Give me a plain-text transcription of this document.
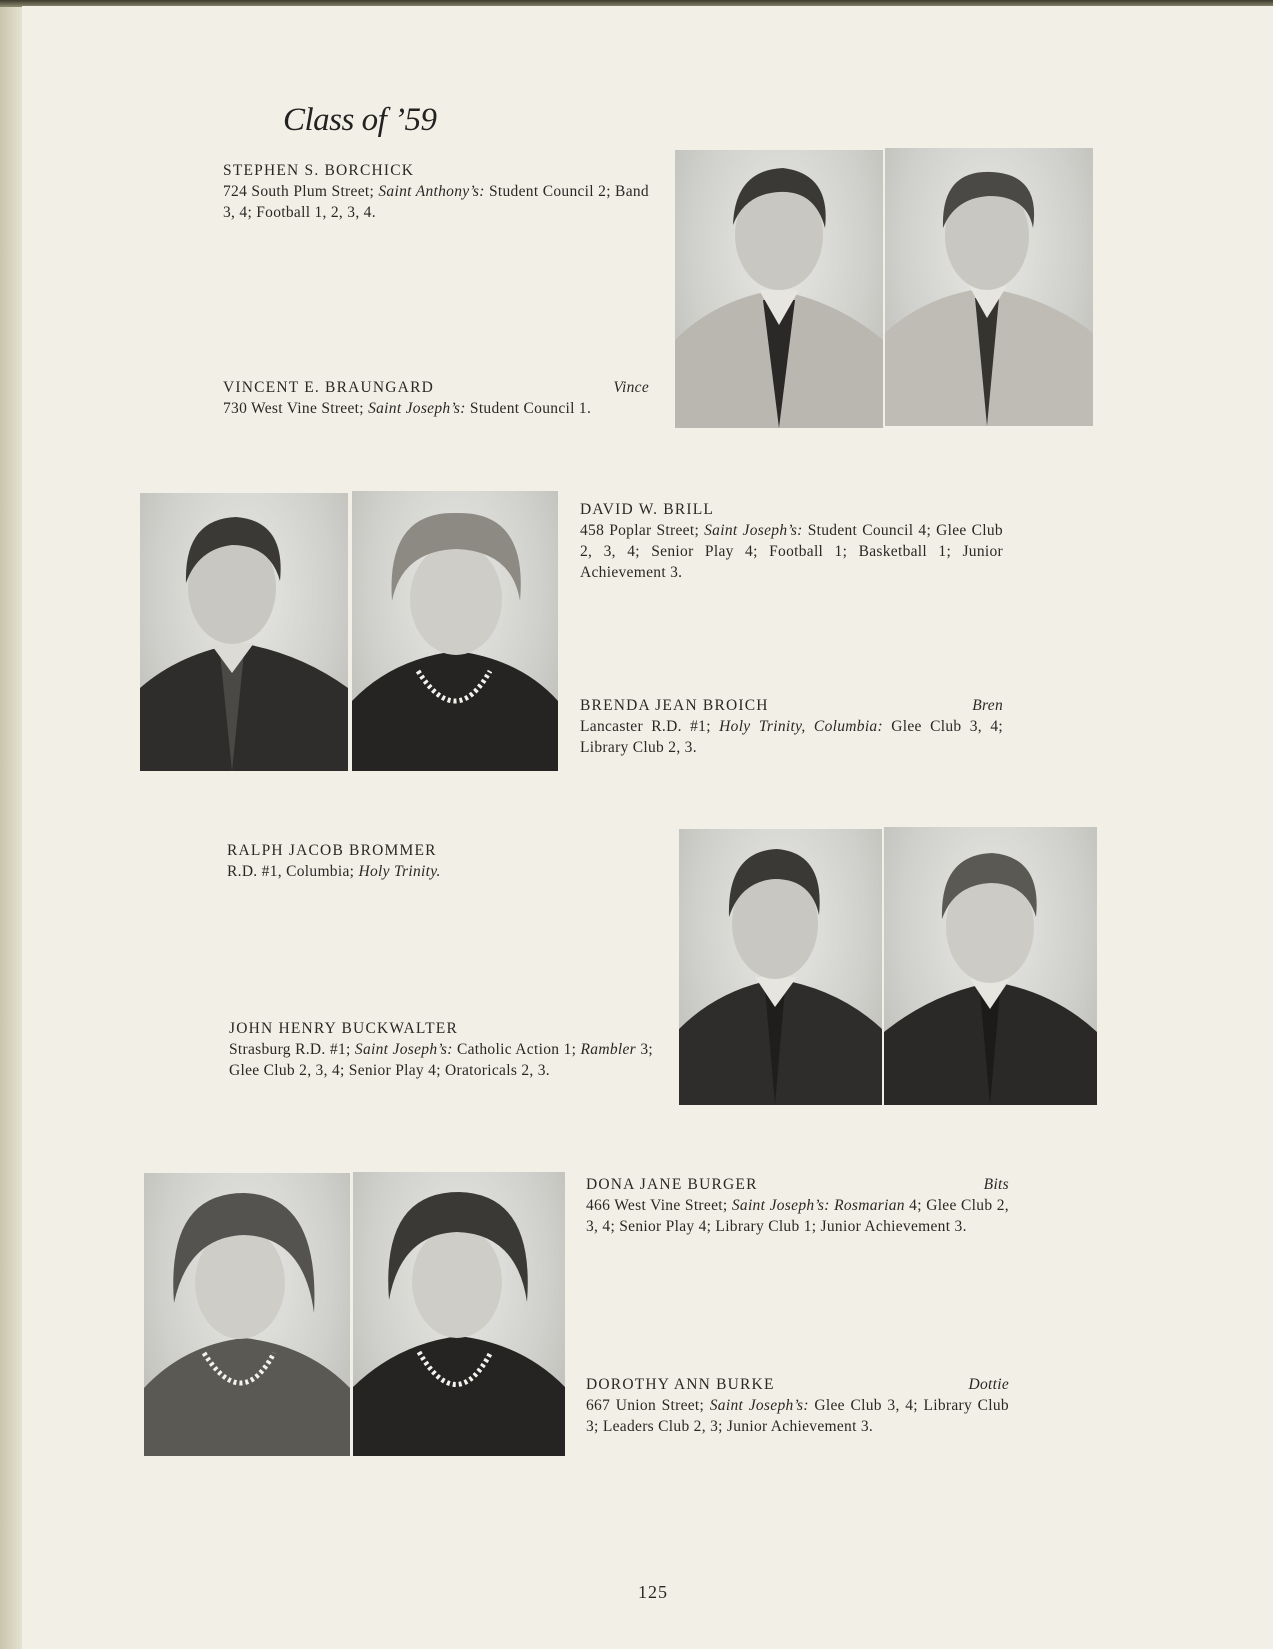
Class of ’59
STEPHEN S. BORCHICK
724 South Plum Street; Saint Anthony’s: Student Council 2; Band 3, 4; Football 1, 2, 3, 4.
VINCENT E. BRAUNGARD	Vince
730 West Vine Street; Saint Joseph’s: Student Council 1.
DAVID W. BRILL
458 Poplar Street; Saint Joseph’s: Student Council 4; Glee Club 2, 3, 4; Senior Play 4; Football 1; Basketball 1; Junior Achievement 3.
BRENDA JEAN BROICH	Bren
Lancaster R.D. #1; Holy Trinity, Columbia: Glee Club 3, 4; Library Club 2, 3.
RALPH JACOB BROMMER
R.D. #1, Columbia; Holy Trinity.
JOHN HENRY BUCKWALTER
Strasburg R.D. #1; Saint Joseph’s: Catholic Action 1; Rambler 3; Glee Club 2, 3, 4; Senior Play 4; Oratoricals 2, 3.
DONA JANE BURGER	Bits
466 West Vine Street; Saint Joseph’s: Rosmarian 4; Glee Club 2, 3, 4; Senior Play 4; Library Club 1; Junior Achievement 3.
DOROTHY ANN BURKE	Dottie
667 Union Street; Saint Joseph’s: Glee Club 3, 4; Library Club 3; Leaders Club 2, 3; Junior Achievement 3.
125
